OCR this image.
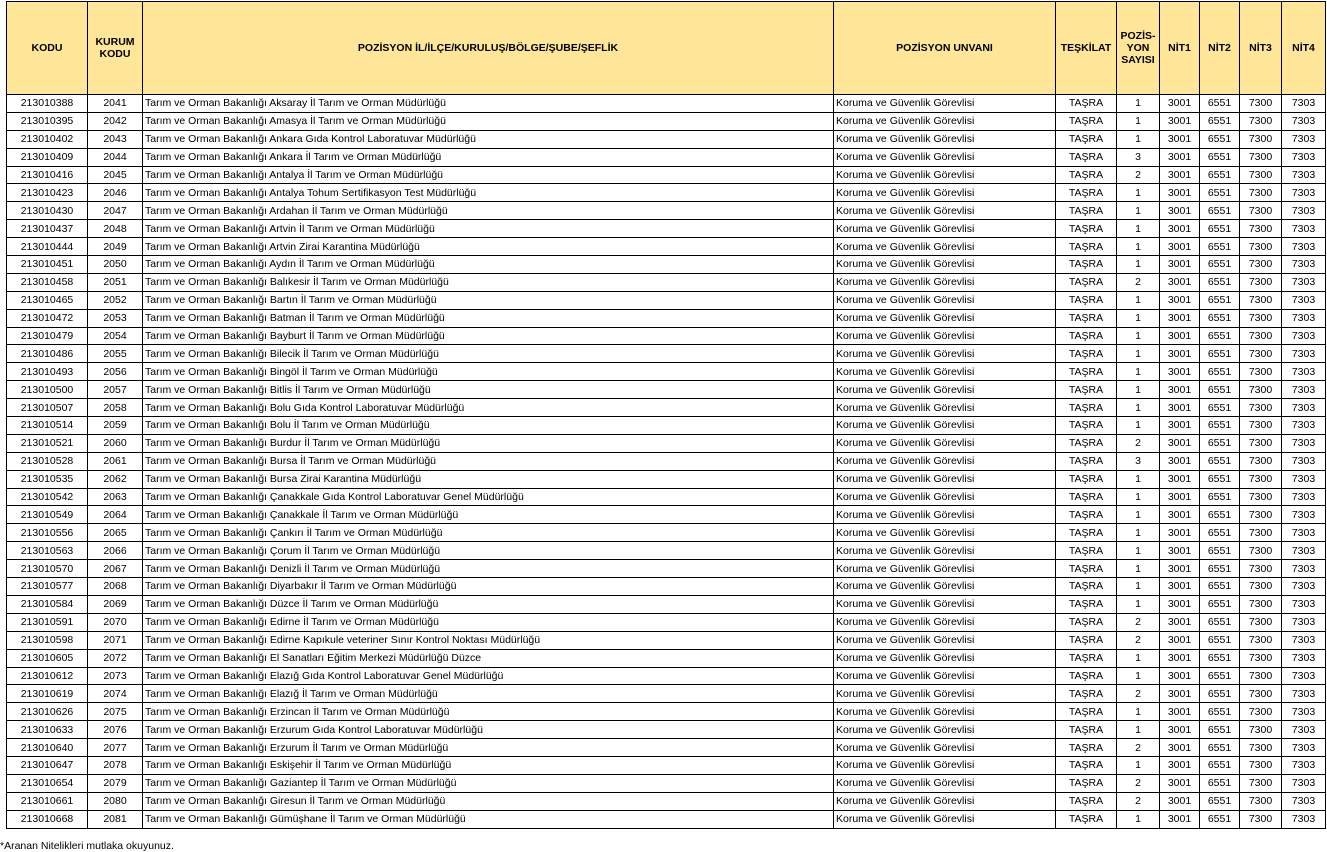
KODU	KURUM KODU	POZİSYON İL/İLÇE/KURULUŞ/BÖLGE/ŞUBE/ŞEFLİK	POZİSYON UNVANI	TEŞKİLAT	POZİS-YON SAYISI	NİT1	NİT2	NİT3	NİT4
213010388	2041	Tarım ve Orman Bakanlığı Aksaray İl Tarım ve Orman Müdürlüğü	Koruma ve Güvenlik Görevlisi	TAŞRA	1	3001	6551	7300	7303
213010395	2042	Tarım ve Orman Bakanlığı Amasya İl Tarım ve Orman Müdürlüğü	Koruma ve Güvenlik Görevlisi	TAŞRA	1	3001	6551	7300	7303
213010402	2043	Tarım ve Orman Bakanlığı Ankara Gıda Kontrol Laboratuvar Müdürlüğü	Koruma ve Güvenlik Görevlisi	TAŞRA	1	3001	6551	7300	7303
213010409	2044	Tarım ve Orman Bakanlığı Ankara İl Tarım ve Orman Müdürlüğü	Koruma ve Güvenlik Görevlisi	TAŞRA	3	3001	6551	7300	7303
213010416	2045	Tarım ve Orman Bakanlığı Antalya İl Tarım ve Orman Müdürlüğü	Koruma ve Güvenlik Görevlisi	TAŞRA	2	3001	6551	7300	7303
213010423	2046	Tarım ve Orman Bakanlığı Antalya Tohum Sertifikasyon Test Müdürlüğü	Koruma ve Güvenlik Görevlisi	TAŞRA	1	3001	6551	7300	7303
213010430	2047	Tarım ve Orman Bakanlığı Ardahan İl Tarım ve Orman Müdürlüğü	Koruma ve Güvenlik Görevlisi	TAŞRA	1	3001	6551	7300	7303
213010437	2048	Tarım ve Orman Bakanlığı Artvin İl Tarım ve Orman Müdürlüğü	Koruma ve Güvenlik Görevlisi	TAŞRA	1	3001	6551	7300	7303
213010444	2049	Tarım ve Orman Bakanlığı Artvin Zirai Karantina Müdürlüğü	Koruma ve Güvenlik Görevlisi	TAŞRA	1	3001	6551	7300	7303
213010451	2050	Tarım ve Orman Bakanlığı Aydın İl Tarım ve Orman Müdürlüğü	Koruma ve Güvenlik Görevlisi	TAŞRA	1	3001	6551	7300	7303
213010458	2051	Tarım ve Orman Bakanlığı Balıkesir İl Tarım ve Orman Müdürlüğü	Koruma ve Güvenlik Görevlisi	TAŞRA	2	3001	6551	7300	7303
213010465	2052	Tarım ve Orman Bakanlığı Bartın İl Tarım ve Orman Müdürlüğü	Koruma ve Güvenlik Görevlisi	TAŞRA	1	3001	6551	7300	7303
213010472	2053	Tarım ve Orman Bakanlığı Batman İl Tarım ve Orman Müdürlüğü	Koruma ve Güvenlik Görevlisi	TAŞRA	1	3001	6551	7300	7303
213010479	2054	Tarım ve Orman Bakanlığı Bayburt İl Tarım ve Orman Müdürlüğü	Koruma ve Güvenlik Görevlisi	TAŞRA	1	3001	6551	7300	7303
213010486	2055	Tarım ve Orman Bakanlığı Bilecik İl Tarım ve Orman Müdürlüğü	Koruma ve Güvenlik Görevlisi	TAŞRA	1	3001	6551	7300	7303
213010493	2056	Tarım ve Orman Bakanlığı Bingöl İl Tarım ve Orman Müdürlüğü	Koruma ve Güvenlik Görevlisi	TAŞRA	1	3001	6551	7300	7303
213010500	2057	Tarım ve Orman Bakanlığı Bitlis İl Tarım ve Orman Müdürlüğü	Koruma ve Güvenlik Görevlisi	TAŞRA	1	3001	6551	7300	7303
213010507	2058	Tarım ve Orman Bakanlığı Bolu Gıda Kontrol Laboratuvar Müdürlüğü	Koruma ve Güvenlik Görevlisi	TAŞRA	1	3001	6551	7300	7303
213010514	2059	Tarım ve Orman Bakanlığı Bolu İl Tarım ve Orman Müdürlüğü	Koruma ve Güvenlik Görevlisi	TAŞRA	1	3001	6551	7300	7303
213010521	2060	Tarım ve Orman Bakanlığı Burdur İl Tarım ve Orman Müdürlüğü	Koruma ve Güvenlik Görevlisi	TAŞRA	2	3001	6551	7300	7303
213010528	2061	Tarım ve Orman Bakanlığı Bursa İl Tarım ve Orman Müdürlüğü	Koruma ve Güvenlik Görevlisi	TAŞRA	3	3001	6551	7300	7303
213010535	2062	Tarım ve Orman Bakanlığı Bursa Zirai Karantina Müdürlüğü	Koruma ve Güvenlik Görevlisi	TAŞRA	1	3001	6551	7300	7303
213010542	2063	Tarım ve Orman Bakanlığı Çanakkale Gıda Kontrol Laboratuvar Genel Müdürlüğü	Koruma ve Güvenlik Görevlisi	TAŞRA	1	3001	6551	7300	7303
213010549	2064	Tarım ve Orman Bakanlığı Çanakkale İl Tarım ve Orman Müdürlüğü	Koruma ve Güvenlik Görevlisi	TAŞRA	1	3001	6551	7300	7303
213010556	2065	Tarım ve Orman Bakanlığı Çankırı İl Tarım ve Orman Müdürlüğü	Koruma ve Güvenlik Görevlisi	TAŞRA	1	3001	6551	7300	7303
213010563	2066	Tarım ve Orman Bakanlığı Çorum İl Tarım ve Orman Müdürlüğü	Koruma ve Güvenlik Görevlisi	TAŞRA	1	3001	6551	7300	7303
213010570	2067	Tarım ve Orman Bakanlığı Denizli İl Tarım ve Orman Müdürlüğü	Koruma ve Güvenlik Görevlisi	TAŞRA	1	3001	6551	7300	7303
213010577	2068	Tarım ve Orman Bakanlığı Diyarbakır İl Tarım ve Orman Müdürlüğü	Koruma ve Güvenlik Görevlisi	TAŞRA	1	3001	6551	7300	7303
213010584	2069	Tarım ve Orman Bakanlığı Düzce İl Tarım ve Orman Müdürlüğü	Koruma ve Güvenlik Görevlisi	TAŞRA	1	3001	6551	7300	7303
213010591	2070	Tarım ve Orman Bakanlığı Edirne İl Tarım ve Orman Müdürlüğü	Koruma ve Güvenlik Görevlisi	TAŞRA	2	3001	6551	7300	7303
213010598	2071	Tarım ve Orman Bakanlığı Edirne Kapıkule veteriner Sınır Kontrol Noktası Müdürlüğü	Koruma ve Güvenlik Görevlisi	TAŞRA	2	3001	6551	7300	7303
213010605	2072	Tarım ve Orman Bakanlığı El Sanatları Eğitim Merkezi Müdürlüğü Düzce	Koruma ve Güvenlik Görevlisi	TAŞRA	1	3001	6551	7300	7303
213010612	2073	Tarım ve Orman Bakanlığı Elazığ Gıda Kontrol Laboratuvar Genel Müdürlüğü	Koruma ve Güvenlik Görevlisi	TAŞRA	1	3001	6551	7300	7303
213010619	2074	Tarım ve Orman Bakanlığı Elazığ İl Tarım ve Orman Müdürlüğü	Koruma ve Güvenlik Görevlisi	TAŞRA	2	3001	6551	7300	7303
213010626	2075	Tarım ve Orman Bakanlığı Erzincan İl Tarım ve Orman Müdürlüğü	Koruma ve Güvenlik Görevlisi	TAŞRA	1	3001	6551	7300	7303
213010633	2076	Tarım ve Orman Bakanlığı Erzurum Gıda Kontrol Laboratuvar Müdürlüğü	Koruma ve Güvenlik Görevlisi	TAŞRA	1	3001	6551	7300	7303
213010640	2077	Tarım ve Orman Bakanlığı Erzurum İl Tarım ve Orman Müdürlüğü	Koruma ve Güvenlik Görevlisi	TAŞRA	2	3001	6551	7300	7303
213010647	2078	Tarım ve Orman Bakanlığı Eskişehir İl Tarım ve Orman Müdürlüğü	Koruma ve Güvenlik Görevlisi	TAŞRA	1	3001	6551	7300	7303
213010654	2079	Tarım ve Orman Bakanlığı Gaziantep İl Tarım ve Orman Müdürlüğü	Koruma ve Güvenlik Görevlisi	TAŞRA	2	3001	6551	7300	7303
213010661	2080	Tarım ve Orman Bakanlığı Giresun İl Tarım ve Orman Müdürlüğü	Koruma ve Güvenlik Görevlisi	TAŞRA	2	3001	6551	7300	7303
213010668	2081	Tarım ve Orman Bakanlığı Gümüşhane İl Tarım ve Orman Müdürlüğü	Koruma ve Güvenlik Görevlisi	TAŞRA	1	3001	6551	7300	7303
*Aranan Nitelikleri mutlaka okuyunuz.
